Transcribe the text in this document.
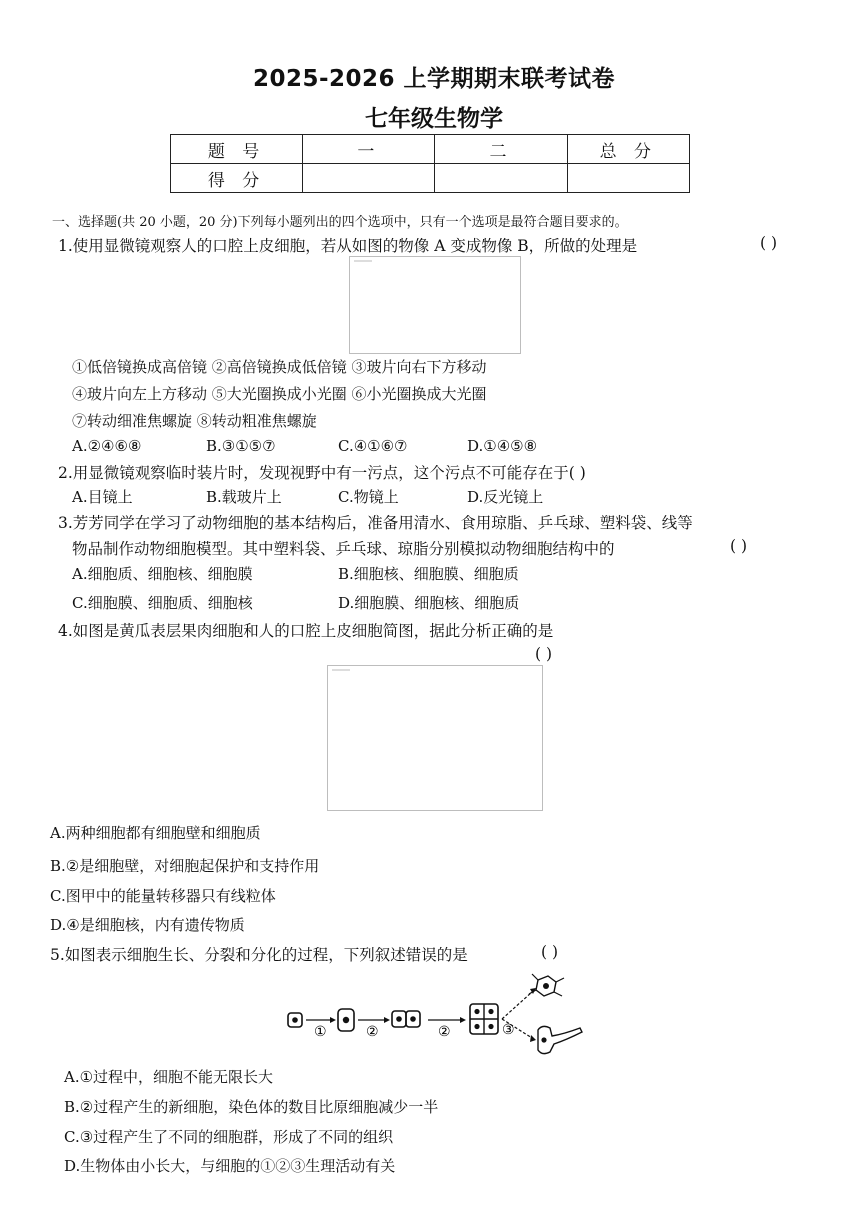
2025-2026 上学期期末联考试卷
七年级生物学
题 号	一	二	总 分
得 分			
一、选择题(共 20 小题，20 分)下列每小题列出的四个选项中，只有一个选项是最符合题目要求的。
1.使用显微镜观察人的口腔上皮细胞，若从如图的物像 A 变成物像 B，所做的处理是	( )
①低倍镜换成高倍镜 ②高倍镜换成低倍镜 ③玻片向右下方移动
④玻片向左上方移动 ⑤大光圈换成小光圈 ⑥小光圈换成大光圈
⑦转动细准焦螺旋 ⑧转动粗准焦螺旋
A.②④⑥⑧	B.③①⑤⑦	C.④①⑥⑦	D.①④⑤⑧
2.用显微镜观察临时装片时，发现视野中有一污点，这个污点不可能存在于( )
A.目镜上	B.载玻片上	C.物镜上	D.反光镜上
3.芳芳同学在学习了动物细胞的基本结构后，准备用清水、食用琼脂、乒乓球、塑料袋、线等
物品制作动物细胞模型。其中塑料袋、乒乓球、琼脂分别模拟动物细胞结构中的	( )
A.细胞质、细胞核、细胞膜	B.细胞核、细胞膜、细胞质
C.细胞膜、细胞质、细胞核	D.细胞膜、细胞核、细胞质
4.如图是黄瓜表层果肉细胞和人的口腔上皮细胞简图，据此分析正确的是
( )
A.两种细胞都有细胞壁和细胞质
B.②是细胞壁，对细胞起保护和支持作用
C.图甲中的能量转移器只有线粒体
D.④是细胞核，内有遗传物质
5.如图表示细胞生长、分裂和分化的过程，下列叙述错误的是	( )
①	②	②	③
A.①过程中，细胞不能无限长大
B.②过程产生的新细胞，染色体的数目比原细胞减少一半
C.③过程产生了不同的细胞群，形成了不同的组织
D.生物体由小长大，与细胞的①②③生理活动有关
